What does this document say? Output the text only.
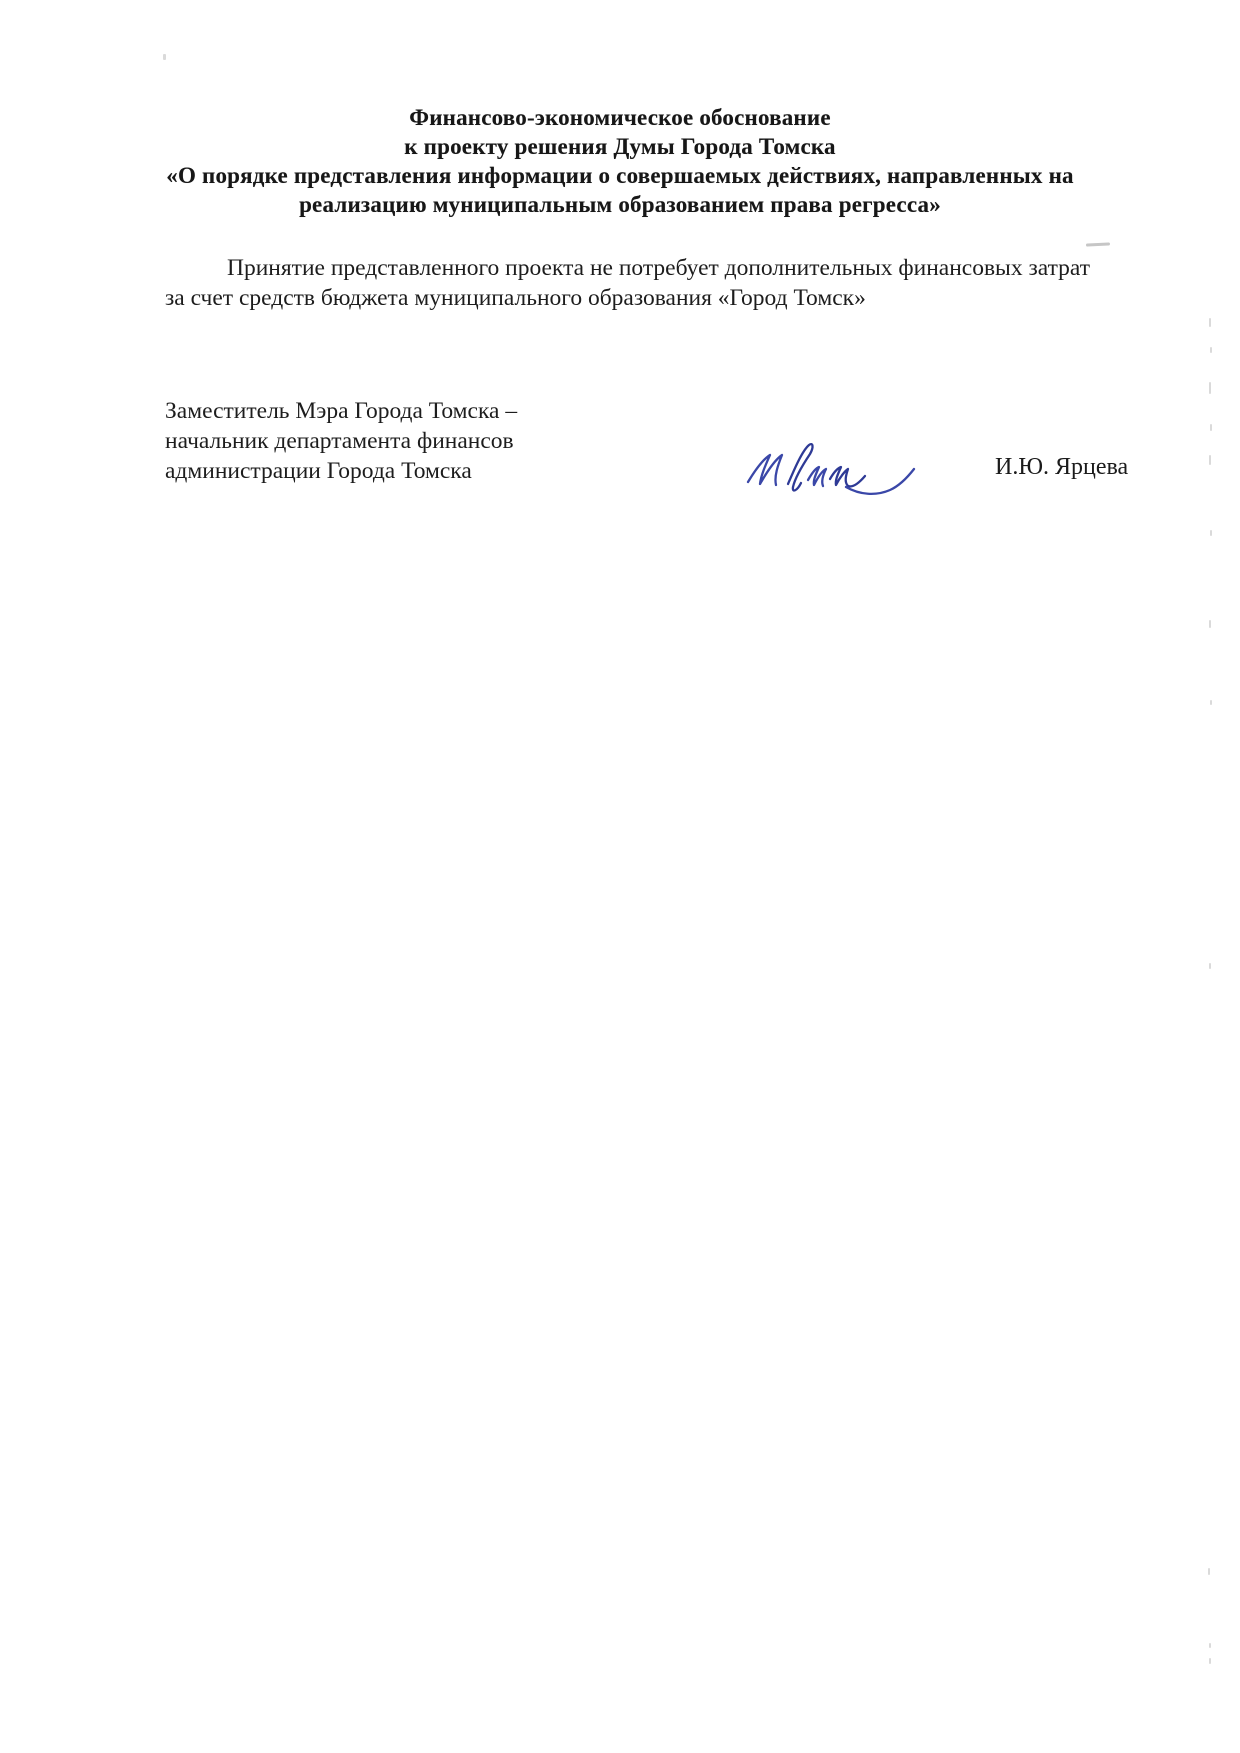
Финансово-экономическое обоснование
к проекту решения Думы Города Томска
«О порядке представления информации о совершаемых действиях, направленных на
реализацию муниципальным образованием права регресса»
Принятие представленного проекта не потребует дополнительных финансовых затрат
за счет средств бюджета муниципального образования «Город Томск»
Заместитель Мэра Города Томска –
начальник департамента финансов
администрации Города Томска	И.Ю. Ярцева
